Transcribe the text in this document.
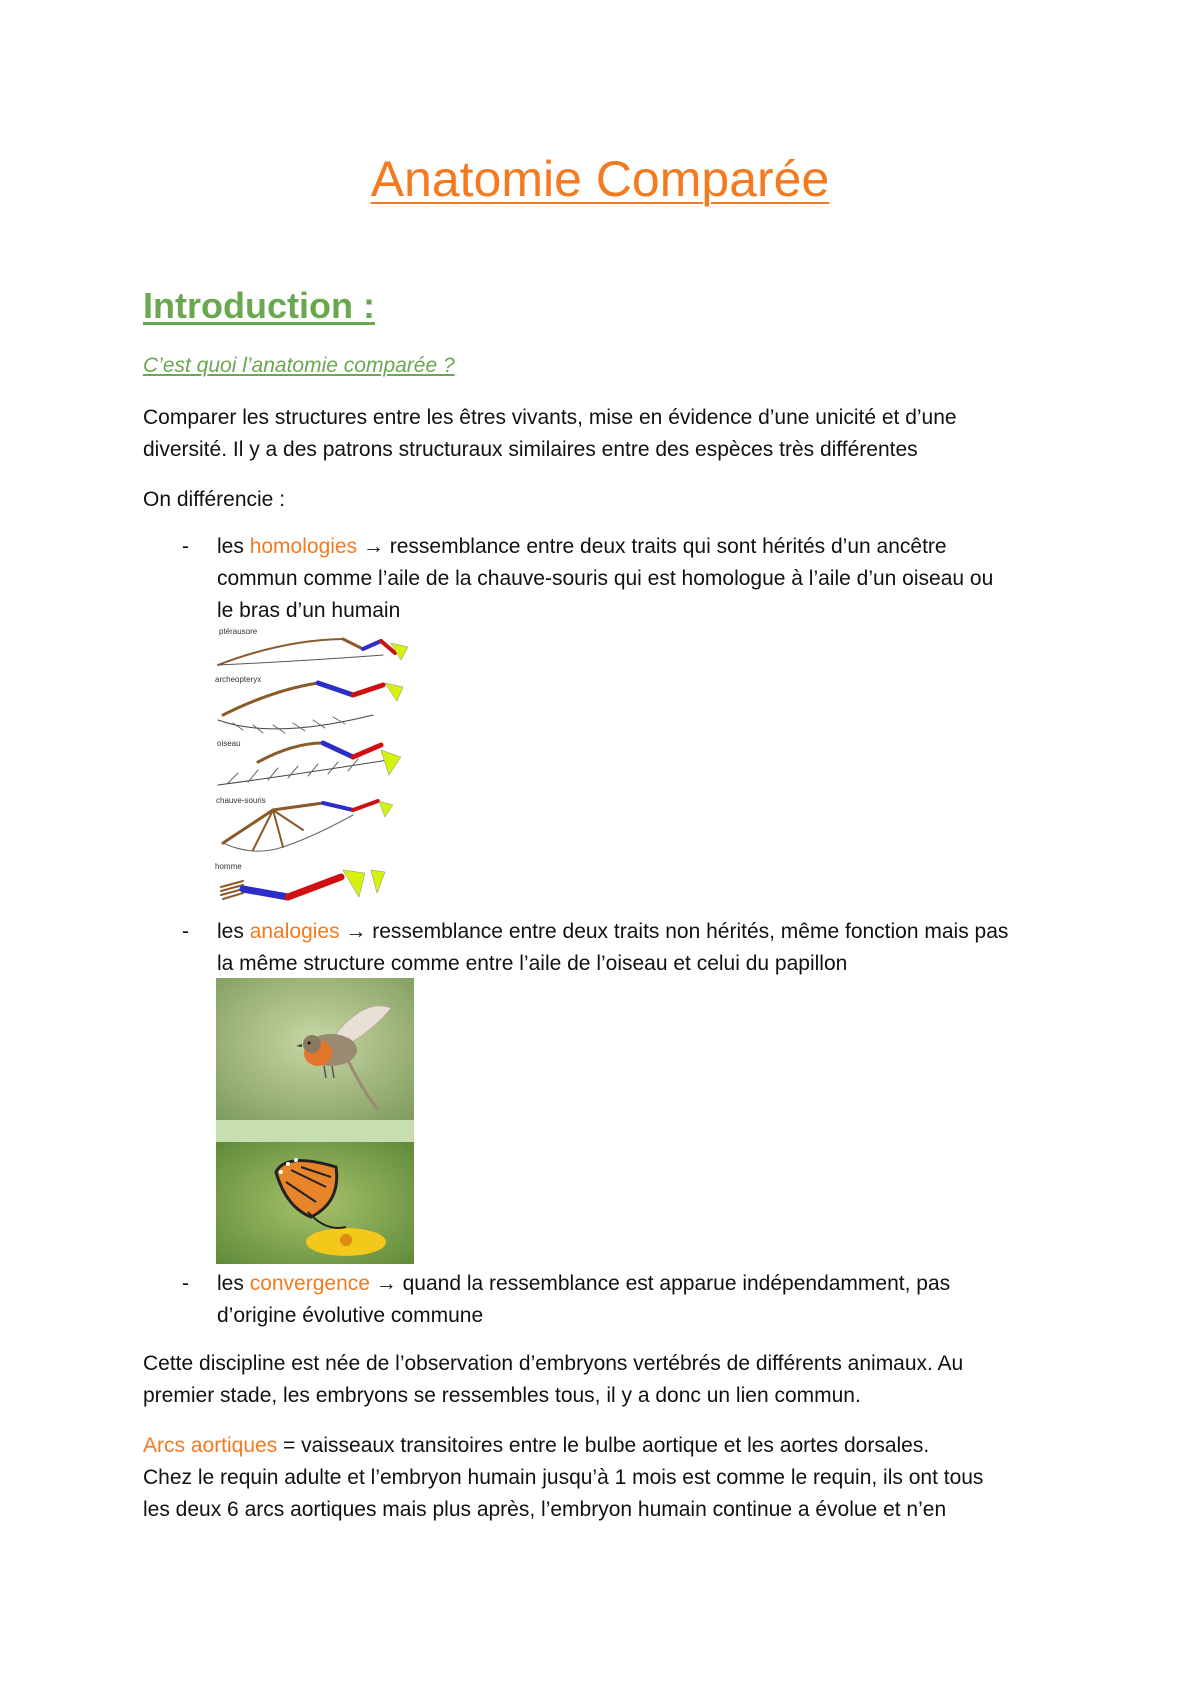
Anatomie Comparée
Introduction :
C’est quoi l’anatomie comparée ?
Comparer les structures entre les êtres vivants, mise en évidence d’une unicité et d’une
diversité. Il y a des patrons structuraux similaires entre des espèces très différentes
On différencie :
- les homologies → ressemblance entre deux traits qui sont hérités d’un ancêtre
commun comme l’aile de la chauve-souris qui est homologue à l’aile d’un oiseau ou
le bras d’un humain
ptérausore
archeopteryx
oiseau
chauve-souris
homme
- les analogies → ressemblance entre deux traits non hérités, même fonction mais pas
la même structure comme entre l’aile de l’oiseau et celui du papillon
- les convergence → quand la ressemblance est apparue indépendamment, pas
d’origine évolutive commune
Cette discipline est née de l’observation d’embryons vertébrés de différents animaux. Au
premier stade, les embryons se ressembles tous, il y a donc un lien commun.
Arcs aortiques = vaisseaux transitoires entre le bulbe aortique et les aortes dorsales.
Chez le requin adulte et l’embryon humain jusqu’à 1 mois est comme le requin, ils ont tous
les deux 6 arcs aortiques mais plus après, l’embryon humain continue a évolue et n’en
